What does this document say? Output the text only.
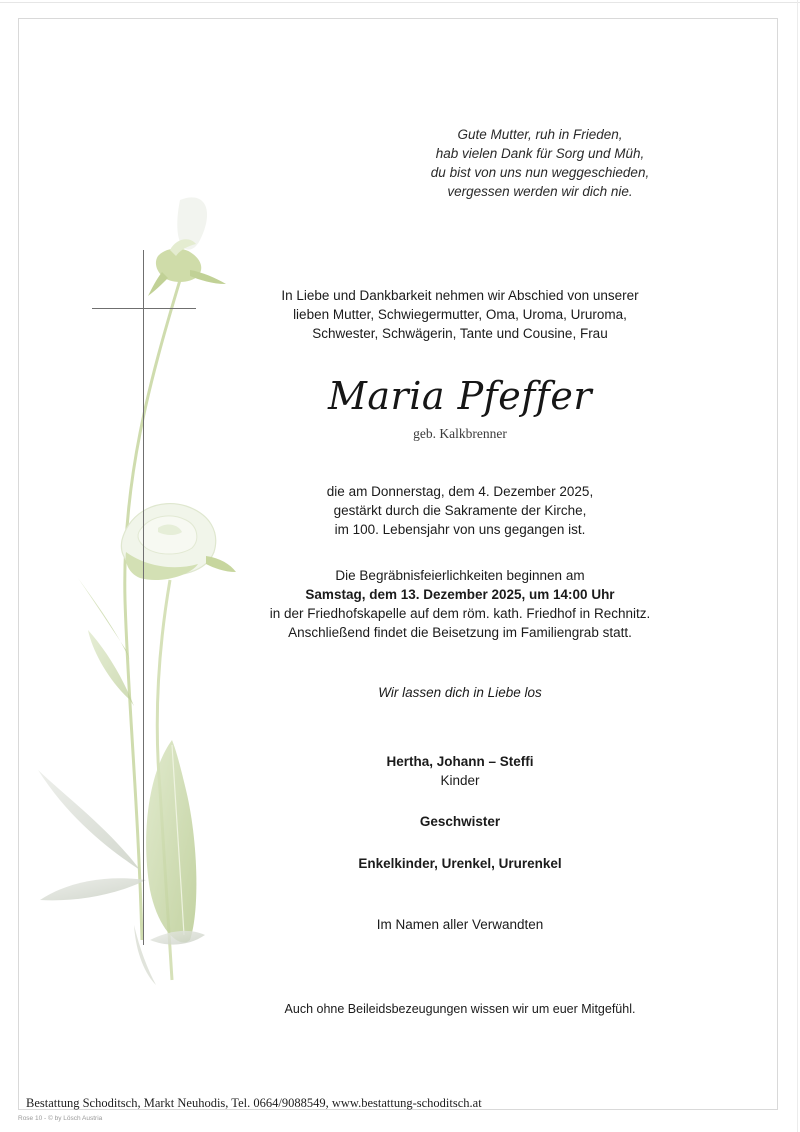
Gute Mutter, ruh in Frieden,
hab vielen Dank für Sorg und Müh,
du bist von uns nun weggeschieden,
vergessen werden wir dich nie.
In Liebe und Dankbarkeit nehmen wir Abschied von unserer
lieben Mutter, Schwiegermutter, Oma, Uroma, Ururoma,
Schwester, Schwägerin, Tante und Cousine, Frau
Maria Pfeffer
geb. Kalkbrenner
die am Donnerstag, dem 4. Dezember 2025,
gestärkt durch die Sakramente der Kirche,
im 100. Lebensjahr von uns gegangen ist.
Die Begräbnisfeierlichkeiten beginnen am
Samstag, dem 13. Dezember 2025, um 14:00 Uhr
in der Friedhofskapelle auf dem röm. kath. Friedhof in Rechnitz.
Anschließend findet die Beisetzung im Familiengrab statt.
Wir lassen dich in Liebe los
Hertha, Johann – Steffi
Kinder
Geschwister
Enkelkinder, Urenkel, Ururenkel
Im Namen aller Verwandten
Auch ohne Beileidsbezeugungen wissen wir um euer Mitgefühl.
Bestattung Schoditsch, Markt Neuhodis, Tel. 0664/9088549, www.bestattung-schoditsch.at
Rose 10 - © by Lösch Austria
